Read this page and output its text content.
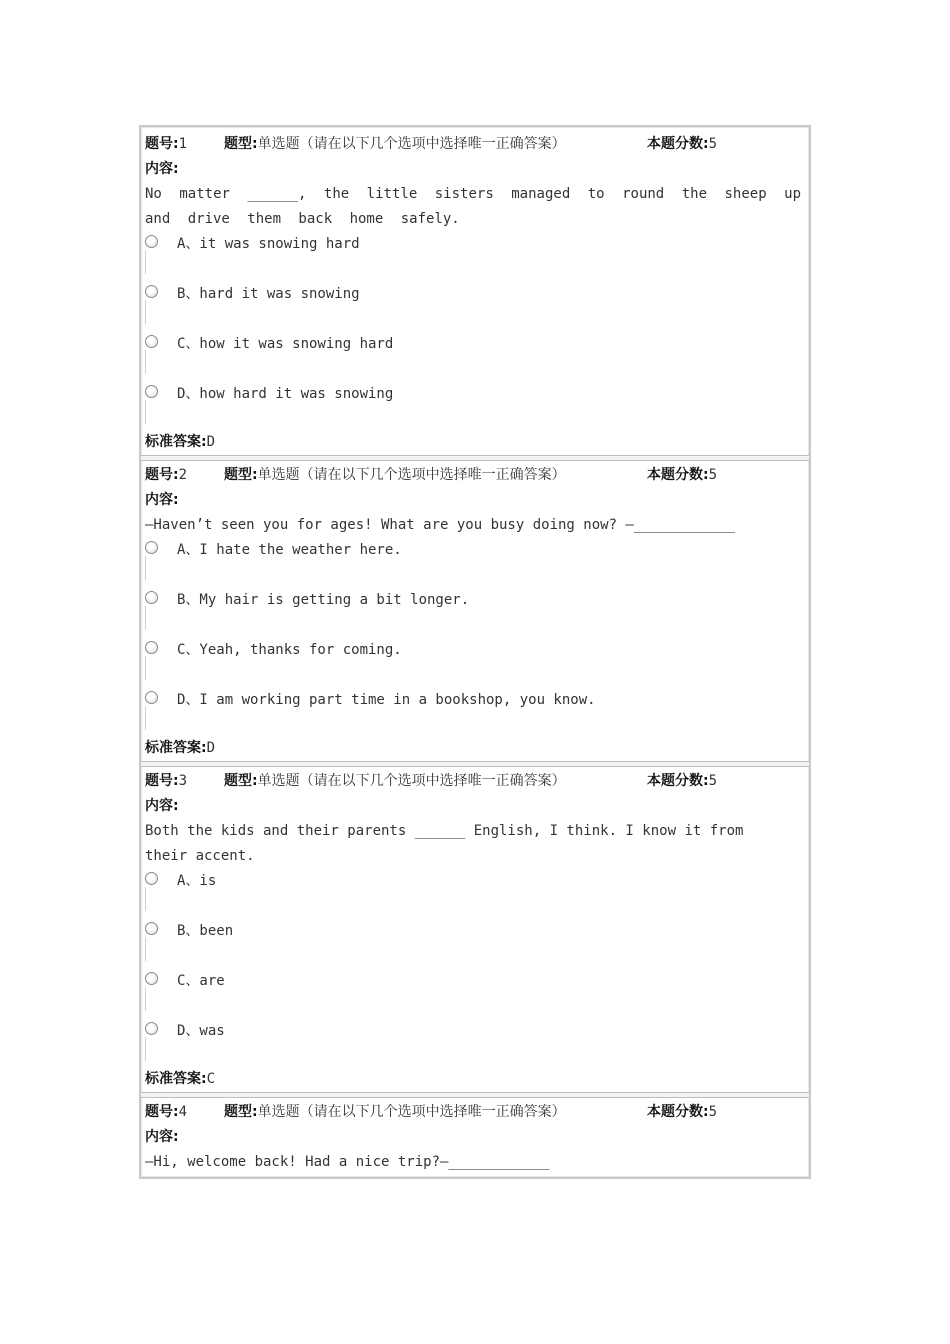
题号:1	题型:单选题（请在以下几个选项中选择唯一正确答案）	本题分数:5
内容:
No matter ______, the little sisters managed to round the sheep up and drive them back home safely.
A、it was snowing hard
B、hard it was snowing
C、how it was snowing hard
D、how hard it was snowing
标准答案:D
题号:2	题型:单选题（请在以下几个选项中选择唯一正确答案）	本题分数:5
内容:
—Haven’t seen you for ages! What are you busy doing now? —____________
A、I hate the weather here.
B、My hair is getting a bit longer.
C、Yeah, thanks for coming.
D、I am working part time in a bookshop, you know.
标准答案:D
题号:3	题型:单选题（请在以下几个选项中选择唯一正确答案）	本题分数:5
内容:
Both the kids and their parents ______ English, I think. I know it from their accent.
A、is
B、been
C、are
D、was
标准答案:C
题号:4	题型:单选题（请在以下几个选项中选择唯一正确答案）	本题分数:5
内容:
—Hi, welcome back! Had a nice trip?—____________
